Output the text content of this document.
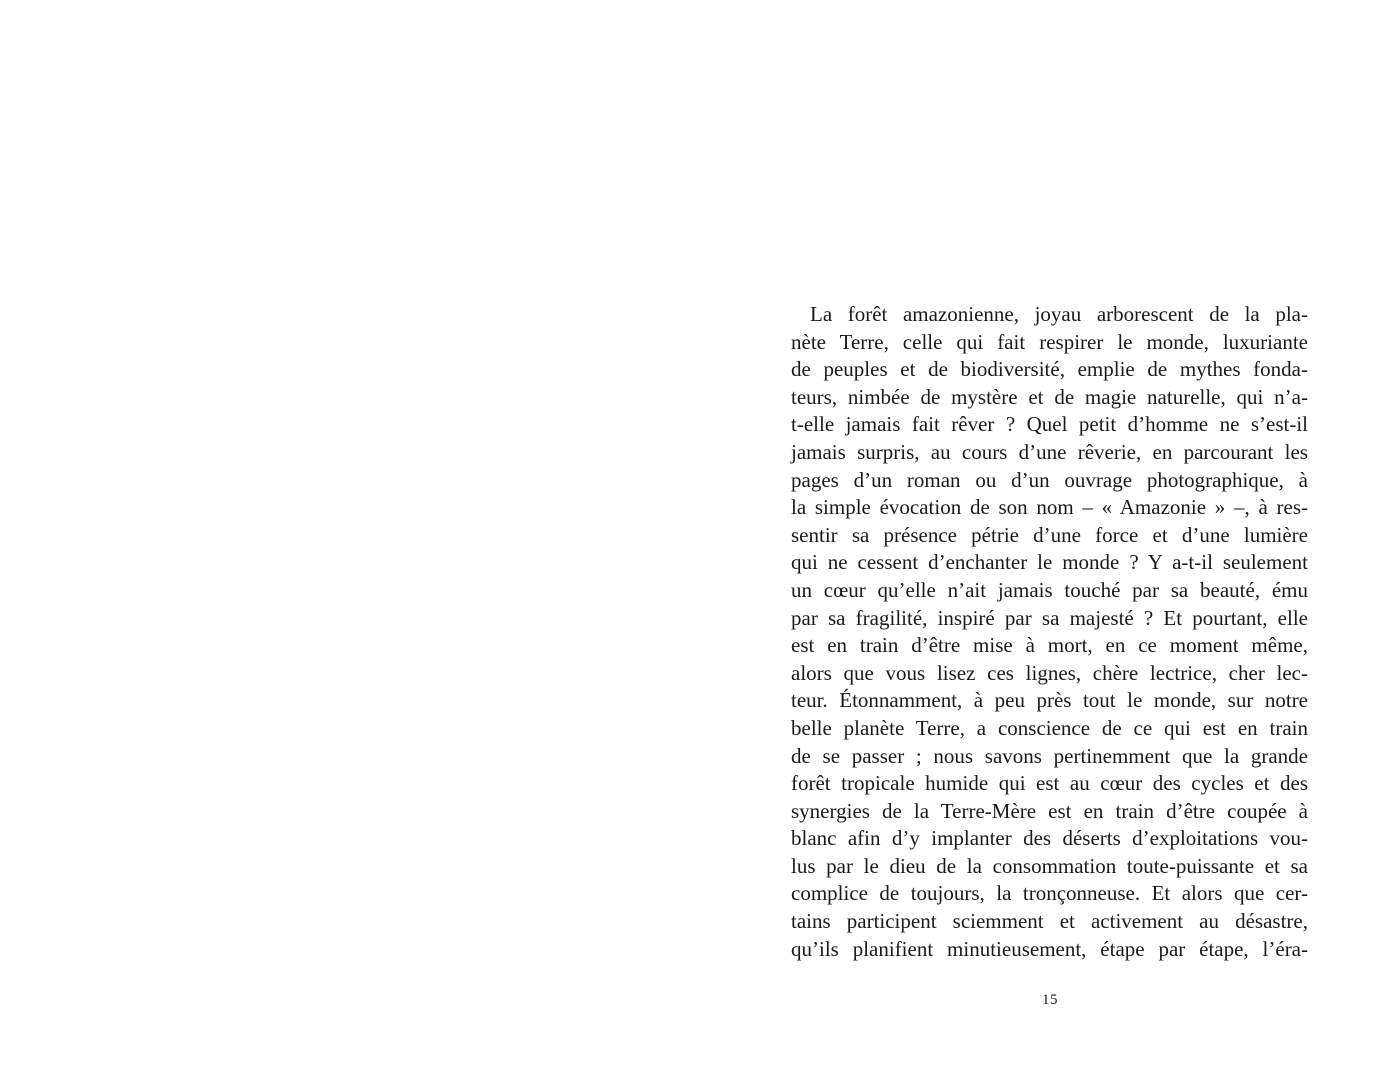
La forêt amazonienne, joyau arborescent de la pla-
nète Terre, celle qui fait respirer le monde, luxuriante
de peuples et de biodiversité, emplie de mythes fonda-
teurs, nimbée de mystère et de magie naturelle, qui n’a-
t-elle jamais fait rêver ? Quel petit d’homme ne s’est-il
jamais surpris, au cours d’une rêverie, en parcourant les
pages d’un roman ou d’un ouvrage photographique, à
la simple évocation de son nom – « Amazonie » –, à res-
sentir sa présence pétrie d’une force et d’une lumière
qui ne cessent d’enchanter le monde ? Y a-t-il seulement
un cœur qu’elle n’ait jamais touché par sa beauté, ému
par sa fragilité, inspiré par sa majesté ? Et pourtant, elle
est en train d’être mise à mort, en ce moment même,
alors que vous lisez ces lignes, chère lectrice, cher lec-
teur. Étonnamment, à peu près tout le monde, sur notre
belle planète Terre, a conscience de ce qui est en train
de se passer ; nous savons pertinemment que la grande
forêt tropicale humide qui est au cœur des cycles et des
synergies de la Terre-Mère est en train d’être coupée à
blanc afin d’y implanter des déserts d’exploitations vou-
lus par le dieu de la consommation toute-puissante et sa
complice de toujours, la tronçonneuse. Et alors que cer-
tains participent sciemment et activement au désastre,
qu’ils planifient minutieusement, étape par étape, l’éra-
15
